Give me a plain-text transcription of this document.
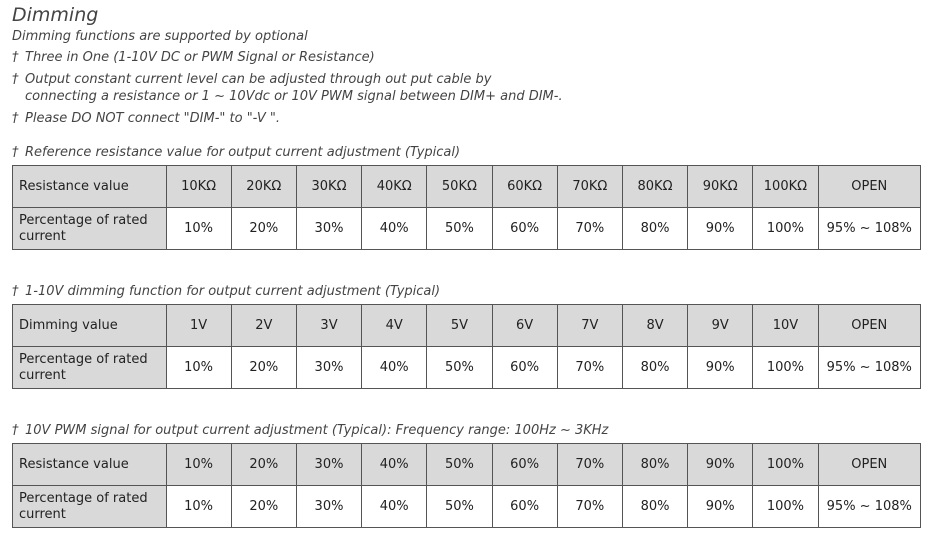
Dimming
Dimming functions are supported by optional
† Three in One (1-10V DC or PWM Signal or Resistance)
† Output constant current level can be adjusted through out put cable by
connecting a resistance or 1 ~ 10Vdc or 10V PWM signal between DIM+ and DIM-.
† Please DO NOT connect "DIM-" to "-V ".
† Reference resistance value for output current adjustment (Typical)
Resistance value	10KΩ	20KΩ	30KΩ	40KΩ	50KΩ	60KΩ	70KΩ	80KΩ	90KΩ	100KΩ	OPEN
Percentage of rated current	10%	20%	30%	40%	50%	60%	70%	80%	90%	100%	95% ~ 108%
† 1-10V dimming function for output current adjustment (Typical)
Dimming value	1V	2V	3V	4V	5V	6V	7V	8V	9V	10V	OPEN
Percentage of rated current	10%	20%	30%	40%	50%	60%	70%	80%	90%	100%	95% ~ 108%
† 10V PWM signal for output current adjustment (Typical): Frequency range: 100Hz ~ 3KHz
Resistance value	10%	20%	30%	40%	50%	60%	70%	80%	90%	100%	OPEN
Percentage of rated current	10%	20%	30%	40%	50%	60%	70%	80%	90%	100%	95% ~ 108%
